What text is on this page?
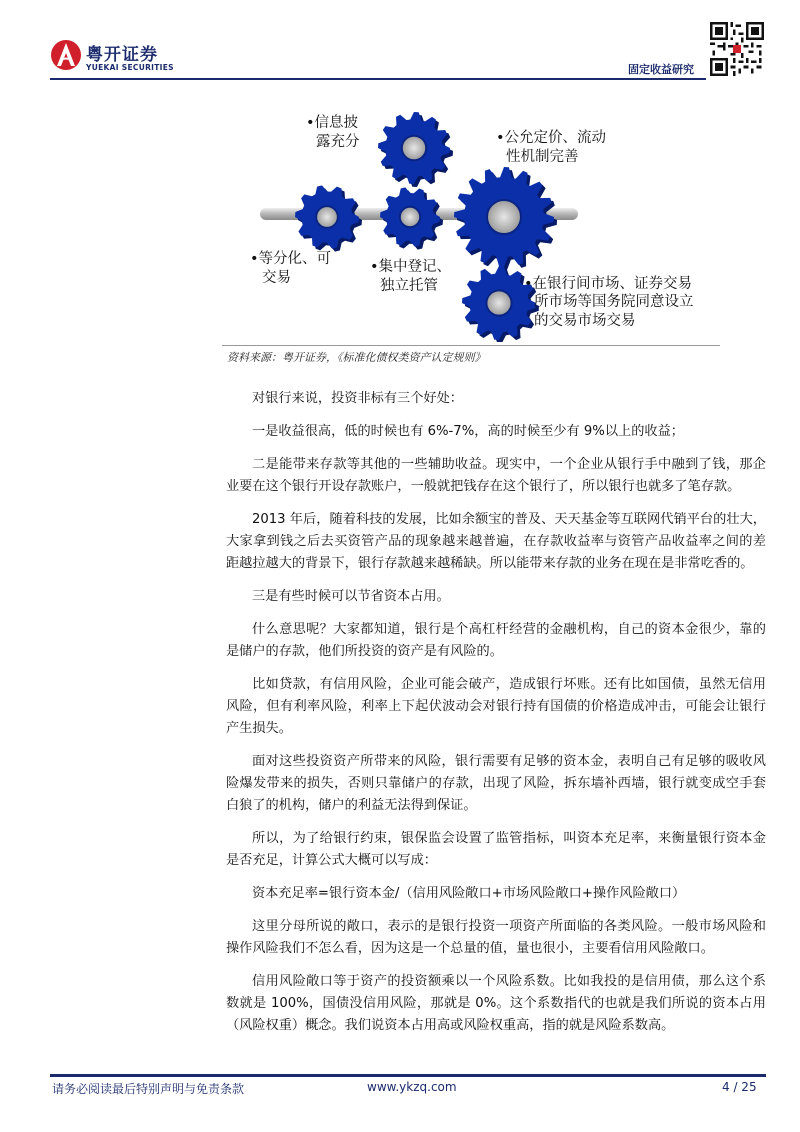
粤开证券
YUEKAI SECURITIES	固定收益研究
•信息披
露充分	•公允定价、流动
性机制完善
•等分化、可
交易
•集中登记、
独立托管	•在银行间市场、证券交易
所市场等国务院同意设立
的交易市场交易
资料来源：粤开证券，《标准化债权类资产认定规则》

对银行来说，投资非标有三个好处：

一是收益很高，低的时候也有 6%-7%，高的时候至少有 9%以上的收益；

二是能带来存款等其他的一些辅助收益。现实中，一个企业从银行手中融到了钱，那企业要在这个银行开设存款账户，一般就把钱存在这个银行了，所以银行也就多了笔存款。

2013 年后，随着科技的发展，比如余额宝的普及、天天基金等互联网代销平台的壮大，大家拿到钱之后去买资管产品的现象越来越普遍，在存款收益率与资管产品收益率之间的差距越拉越大的背景下，银行存款越来越稀缺。所以能带来存款的业务在现在是非常吃香的。

三是有些时候可以节省资本占用。

什么意思呢？大家都知道，银行是个高杠杆经营的金融机构，自己的资本金很少，靠的是储户的存款，他们所投资的资产是有风险的。

比如贷款，有信用风险，企业可能会破产，造成银行坏账。还有比如国债，虽然无信用风险，但有利率风险，利率上下起伏波动会对银行持有国债的价格造成冲击，可能会让银行产生损失。

面对这些投资资产所带来的风险，银行需要有足够的资本金，表明自己有足够的吸收风险爆发带来的损失，否则只靠储户的存款，出现了风险，拆东墙补西墙，银行就变成空手套白狼了的机构，储户的利益无法得到保证。

所以，为了给银行约束，银保监会设置了监管指标，叫资本充足率，来衡量银行资本金是否充足，计算公式大概可以写成：

资本充足率=银行资本金/（信用风险敞口+市场风险敞口+操作风险敞口）

这里分母所说的敞口，表示的是银行投资一项资产所面临的各类风险。一般市场风险和操作风险我们不怎么看，因为这是一个总量的值，量也很小，主要看信用风险敞口。

信用风险敞口等于资产的投资额乘以一个风险系数。比如我投的是信用债，那么这个系数就是 100%，国债没信用风险，那就是 0%。这个系数指代的也就是我们所说的资本占用（风险权重）概念。我们说资本占用高或风险权重高，指的就是风险系数高。

请务必阅读最后特别声明与免责条款	www.ykzq.com	4 / 25
